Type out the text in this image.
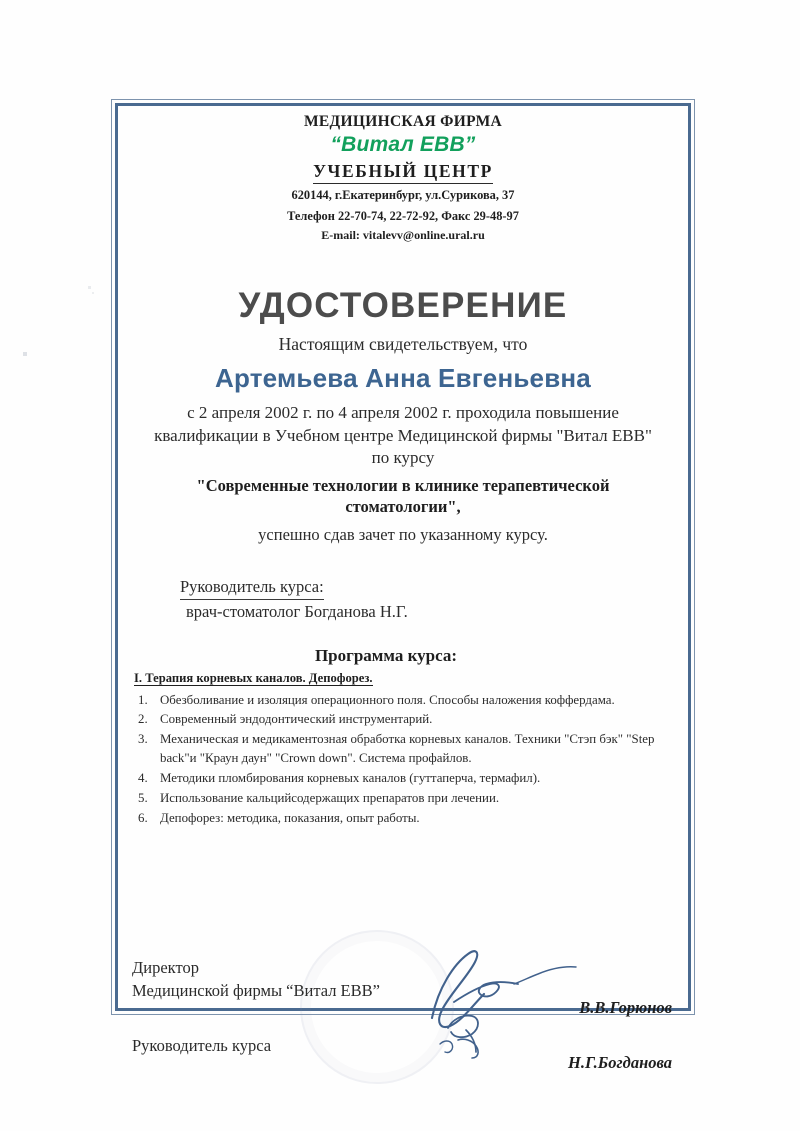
МЕДИЦИНСКАЯ ФИРМА
“Витал ЕВВ”
УЧЕБНЫЙ ЦЕНТР
620144, г.Екатеринбург, ул.Сурикова, 37
Телефон 22-70-74, 22-72-92, Факс 29-48-97
E-mail: vitalevv@online.ural.ru
УДОСТОВЕРЕНИЕ
Настоящим свидетельствуем, что
Артемьева Анна Евгеньевна
с 2 апреля 2002 г. по 4 апреля 2002 г. проходила повышение
квалификации в Учебном центре Медицинской фирмы "Витал ЕВВ"
по курсу
"Современные технологии в клинике терапевтической
стоматологии",
успешно сдав зачет по указанному курсу.
Руководитель курса:
врач-стоматолог Богданова Н.Г.
Программа курса:
I. Терапия корневых каналов. Депофорез.
1. Обезболивание и изоляция операционного поля. Способы наложения коффердама.
2. Современный эндодонтический инструментарий.
3. Механическая и медикаментозная обработка корневых каналов. Техники "Стэп бэк" "Step back"и "Краун даун" "Crown down". Система профайлов.
4. Методики пломбирования корневых каналов (гуттаперча, термафил).
5. Использование кальцийсодержащих препаратов при лечении.
6. Депофорез: методика, показания, опыт работы.
Директор
Медицинской фирмы “Витал ЕВВ”
Руководитель курса
В.В.Горюнов
Н.Г.Богданова
